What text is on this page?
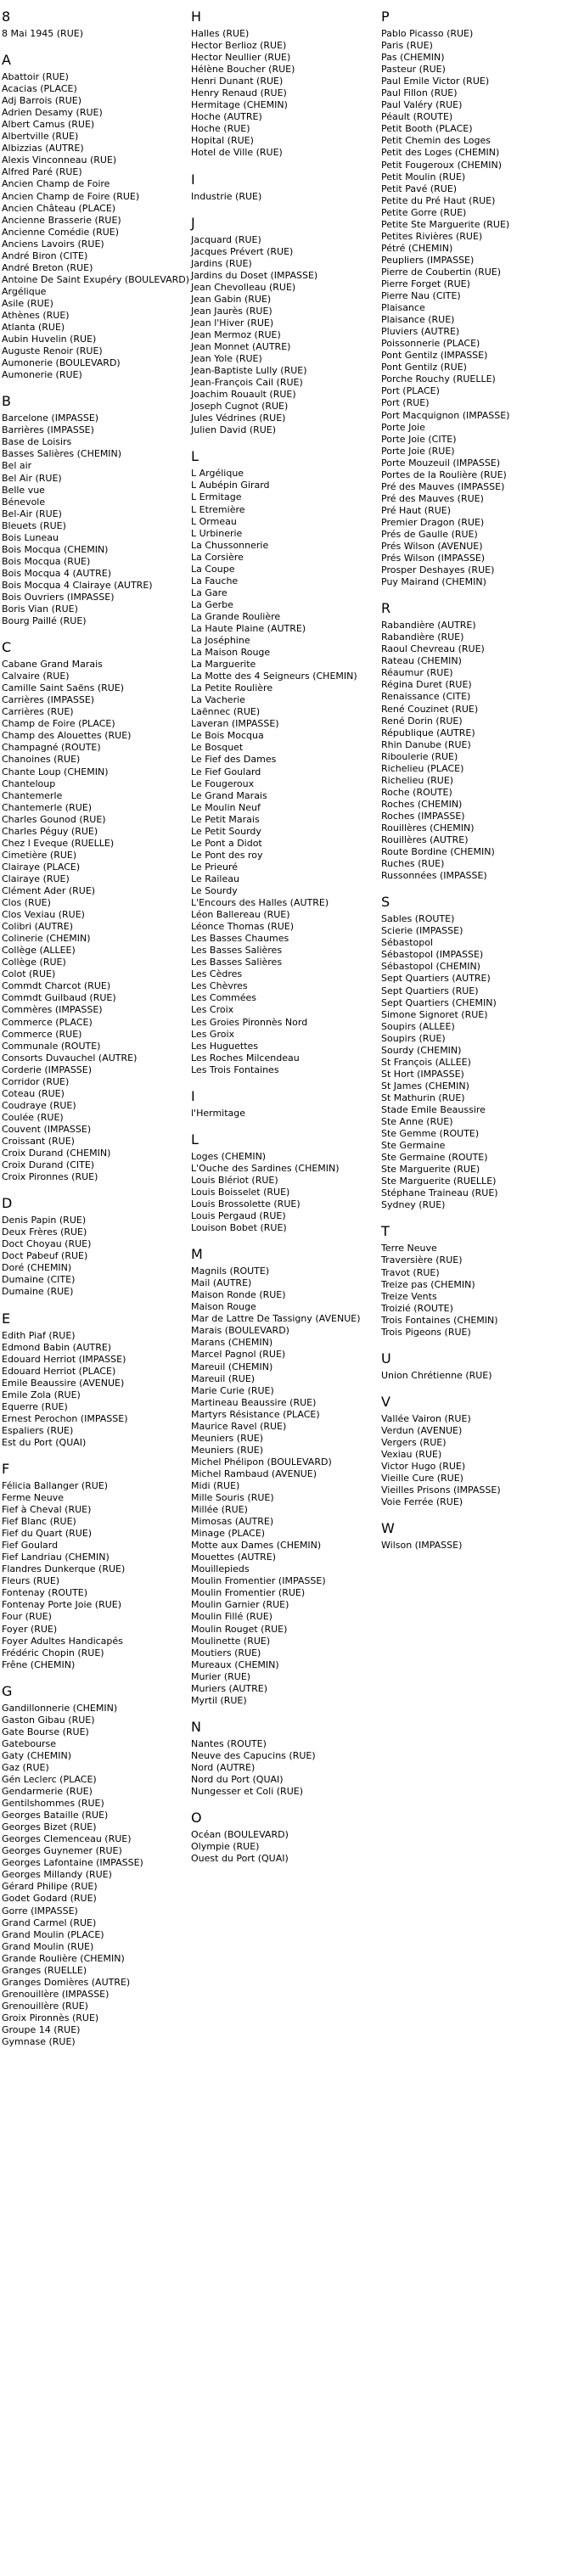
8
8 Mai 1945 (RUE)
A
Abattoir (RUE)
Acacias (PLACE)
Adj Barrois (RUE)
Adrien Desamy (RUE)
Albert Camus (RUE)
Albertville (RUE)
Albizzias (AUTRE)
Alexis Vinconneau (RUE)
Alfred Paré (RUE)
Ancien Champ de Foire
Ancien Champ de Foire (RUE)
Ancien Château (PLACE)
Ancienne Brasserie (RUE)
Ancienne Comédie (RUE)
Anciens Lavoirs (RUE)
André Biron (CITE)
André Breton (RUE)
Antoine De Saint Exupéry (BOULEVARD)
Argélique
Asile (RUE)
Athènes (RUE)
Atlanta (RUE)
Aubin Huvelin (RUE)
Auguste Renoir (RUE)
Aumonerie (BOULEVARD)
Aumonerie (RUE)
B
Barcelone (IMPASSE)
Barrières (IMPASSE)
Base de Loisirs
Basses Salières (CHEMIN)
Bel air
Bel Air (RUE)
Belle vue
Bénevole
Bel-Air (RUE)
Bleuets (RUE)
Bois Luneau
Bois Mocqua (CHEMIN)
Bois Mocqua (RUE)
Bois Mocqua 4 (AUTRE)
Bois Mocqua 4 Clairaye (AUTRE)
Bois Ouvriers (IMPASSE)
Boris Vian (RUE)
Bourg Paillé (RUE)
C
Cabane Grand Marais
Calvaire (RUE)
Camille Saint Saëns (RUE)
Carrières (IMPASSE)
Carrières (RUE)
Champ de Foire (PLACE)
Champ des Alouettes (RUE)
Champagné (ROUTE)
Chanoines (RUE)
Chante Loup (CHEMIN)
Chanteloup
Chantemerle
Chantemerle (RUE)
Charles Gounod (RUE)
Charles Péguy (RUE)
Chez l Eveque (RUELLE)
Cimetière (RUE)
Clairaye (PLACE)
Clairaye (RUE)
Clément Ader (RUE)
Clos (RUE)
Clos Vexiau (RUE)
Colibri (AUTRE)
Colinerie (CHEMIN)
Collège (ALLEE)
Collège (RUE)
Colot (RUE)
Commdt Charcot (RUE)
Commdt Guilbaud (RUE)
Commères (IMPASSE)
Commerce (PLACE)
Commerce (RUE)
Communale (ROUTE)
Consorts Duvauchel (AUTRE)
Corderie (IMPASSE)
Corridor (RUE)
Coteau (RUE)
Coudraye (RUE)
Coulée (RUE)
Couvent (IMPASSE)
Croissant (RUE)
Croix Durand (CHEMIN)
Croix Durand (CITE)
Croix Pironnes (RUE)
D
Denis Papin (RUE)
Deux Frères (RUE)
Doct Choyau (RUE)
Doct Pabeuf (RUE)
Doré (CHEMIN)
Dumaine (CITE)
Dumaine (RUE)
E
Edith Piaf (RUE)
Edmond Babin (AUTRE)
Edouard Herriot (IMPASSE)
Edouard Herriot (PLACE)
Emile Beaussire (AVENUE)
Emile Zola (RUE)
Equerre (RUE)
Ernest Perochon (IMPASSE)
Espaliers (RUE)
Est du Port (QUAI)
F
Félicia Ballanger (RUE)
Ferme Neuve
Fief à Cheval (RUE)
Fief Blanc (RUE)
Fief du Quart (RUE)
Fief Goulard
Fief Landriau (CHEMIN)
Flandres Dunkerque (RUE)
Fleurs (RUE)
Fontenay (ROUTE)
Fontenay Porte Joie (RUE)
Four (RUE)
Foyer (RUE)
Foyer Adultes Handicapés
Frédéric Chopin (RUE)
Frêne (CHEMIN)
G
Gandillonnerie (CHEMIN)
Gaston Gibau (RUE)
Gate Bourse (RUE)
Gatebourse
Gaty (CHEMIN)
Gaz (RUE)
Gén Leclerc (PLACE)
Gendarmerie (RUE)
Gentilshommes (RUE)
Georges Bataille (RUE)
Georges Bizet (RUE)
Georges Clemenceau (RUE)
Georges Guynemer (RUE)
Georges Lafontaine (IMPASSE)
Georges Millandy (RUE)
Gérard Philipe (RUE)
Godet Godard (RUE)
Gorre (IMPASSE)
Grand Carmel (RUE)
Grand Moulin (PLACE)
Grand Moulin (RUE)
Grande Roulière (CHEMIN)
Granges (RUELLE)
Granges Domières (AUTRE)
Grenouillère (IMPASSE)
Grenouillère (RUE)
Groix Pironnès (RUE)
Groupe 14 (RUE)
Gymnase (RUE)
H
Halles (RUE)
Hector Berlioz (RUE)
Hector Neullier (RUE)
Hélène Boucher (RUE)
Henri Dunant (RUE)
Henry Renaud (RUE)
Hermitage (CHEMIN)
Hoche (AUTRE)
Hoche (RUE)
Hopital (RUE)
Hotel de Ville (RUE)
I
Industrie (RUE)
J
Jacquard (RUE)
Jacques Prévert (RUE)
Jardins (RUE)
Jardins du Doset (IMPASSE)
Jean Chevolleau (RUE)
Jean Gabin (RUE)
Jean Jaurès (RUE)
Jean l'Hiver (RUE)
Jean Mermoz (RUE)
Jean Monnet (AUTRE)
Jean Yole (RUE)
Jean-Baptiste Lully (RUE)
Jean-François Cail (RUE)
Joachim Rouault (RUE)
Joseph Cugnot (RUE)
Jules Védrines (RUE)
Julien David (RUE)
L
L Argélique
L Aubépin Girard
L Ermitage
L Etremière
L Ormeau
L Urbinerie
La Chussonnerie
La Corsière
La Coupe
La Fauche
La Gare
La Gerbe
La Grande Roulière
La Haute Plaine (AUTRE)
La Joséphine
La Maison Rouge
La Marguerite
La Motte des 4 Seigneurs (CHEMIN)
La Petite Roulière
La Vacherie
Laënnec (RUE)
Laveran (IMPASSE)
Le Bois Mocqua
Le Bosquet
Le Fief des Dames
Le Fief Goulard
Le Fougeroux
Le Grand Marais
Le Moulin Neuf
Le Petit Marais
Le Petit Sourdy
Le Pont a Didot
Le Pont des roy
Le Prieuré
Le Raileau
Le Sourdy
L'Encours des Halles (AUTRE)
Léon Ballereau (RUE)
Léonce Thomas (RUE)
Les Basses Chaumes
Les Basses Salières
Les Basses Salières
Les Cèdres
Les Chèvres
Les Commées
Les Croix
Les Groies Pironnès Nord
Les Groix
Les Huguettes
Les Roches Milcendeau
Les Trois Fontaines
I
l'Hermitage
L
Loges (CHEMIN)
L'Ouche des Sardines (CHEMIN)
Louis Blériot (RUE)
Louis Boisselet (RUE)
Louis Brossolette (RUE)
Louis Pergaud (RUE)
Louison Bobet (RUE)
M
Magnils (ROUTE)
Mail (AUTRE)
Maison Ronde (RUE)
Maison Rouge
Mar de Lattre De Tassigny (AVENUE)
Marais (BOULEVARD)
Marans (CHEMIN)
Marcel Pagnol (RUE)
Mareuil (CHEMIN)
Mareuil (RUE)
Marie Curie (RUE)
Martineau Beaussire (RUE)
Martyrs Résistance (PLACE)
Maurice Ravel (RUE)
Meuniers (RUE)
Meuniers (RUE)
Michel Phélipon (BOULEVARD)
Michel Rambaud (AVENUE)
Midi (RUE)
Mille Souris (RUE)
Millée (RUE)
Mimosas (AUTRE)
Minage (PLACE)
Motte aux Dames (CHEMIN)
Mouettes (AUTRE)
Mouillepieds
Moulin Fromentier (IMPASSE)
Moulin Fromentier (RUE)
Moulin Garnier (RUE)
Moulin Fillé (RUE)
Moulin Rouget (RUE)
Moulinette (RUE)
Moutiers (RUE)
Mureaux (CHEMIN)
Murier (RUE)
Muriers (AUTRE)
Myrtil (RUE)
N
Nantes (ROUTE)
Neuve des Capucins (RUE)
Nord (AUTRE)
Nord du Port (QUAI)
Nungesser et Coli (RUE)
O
Océan (BOULEVARD)
Olympie (RUE)
Ouest du Port (QUAI)
P
Pablo Picasso (RUE)
Paris (RUE)
Pas (CHEMIN)
Pasteur (RUE)
Paul Emile Victor (RUE)
Paul Fillon (RUE)
Paul Valéry (RUE)
Péault (ROUTE)
Petit Booth (PLACE)
Petit Chemin des Loges
Petit des Loges (CHEMIN)
Petit Fougeroux (CHEMIN)
Petit Moulin (RUE)
Petit Pavé (RUE)
Petite du Pré Haut (RUE)
Petite Gorre (RUE)
Petite Ste Marguerite (RUE)
Petites Rivières (RUE)
Pétré (CHEMIN)
Peupliers (IMPASSE)
Pierre de Coubertin (RUE)
Pierre Forget (RUE)
Pierre Nau (CITE)
Plaisance
Plaisance (RUE)
Pluviers (AUTRE)
Poissonnerie (PLACE)
Pont Gentilz (IMPASSE)
Pont Gentilz (RUE)
Porche Rouchy (RUELLE)
Port (PLACE)
Port (RUE)
Port Macquignon (IMPASSE)
Porte Joie
Porte Joie (CITE)
Porte Joie (RUE)
Porte Mouzeuil (IMPASSE)
Portes de la Roulière (RUE)
Pré des Mauves (IMPASSE)
Pré des Mauves (RUE)
Pré Haut (RUE)
Premier Dragon (RUE)
Prés de Gaulle (RUE)
Prés Wilson (AVENUE)
Prés Wilson (IMPASSE)
Prosper Deshayes (RUE)
Puy Mairand (CHEMIN)
R
Rabandière (AUTRE)
Rabandière (RUE)
Raoul Chevreau (RUE)
Rateau (CHEMIN)
Réaumur (RUE)
Régina Duret (RUE)
Renaissance (CITE)
René Couzinet (RUE)
René Dorin (RUE)
République (AUTRE)
Rhin Danube (RUE)
Riboulerie (RUE)
Richelieu (PLACE)
Richelieu (RUE)
Roche (ROUTE)
Roches (CHEMIN)
Roches (IMPASSE)
Rouillères (CHEMIN)
Rouillères (AUTRE)
Route Bordine (CHEMIN)
Ruches (RUE)
Russonnées (IMPASSE)
S
Sables (ROUTE)
Scierie (IMPASSE)
Sébastopol
Sébastopol (IMPASSE)
Sébastopol (CHEMIN)
Sept Quartiers (AUTRE)
Sept Quartiers (RUE)
Sept Quartiers (CHEMIN)
Simone Signoret (RUE)
Soupirs (ALLEE)
Soupirs (RUE)
Sourdy (CHEMIN)
St François (ALLEE)
St Hort (IMPASSE)
St James (CHEMIN)
St Mathurin (RUE)
Stade Emile Beaussire
Ste Anne (RUE)
Ste Gemme (ROUTE)
Ste Germaine
Ste Germaine (ROUTE)
Ste Marguerite (RUE)
Ste Marguerite (RUELLE)
Stéphane Traineau (RUE)
Sydney (RUE)
T
Terre Neuve
Traversière (RUE)
Travot (RUE)
Treize pas (CHEMIN)
Treize Vents
Troizié (ROUTE)
Trois Fontaines (CHEMIN)
Trois Pigeons (RUE)
U
Union Chrétienne (RUE)
V
Vallée Vairon (RUE)
Verdun (AVENUE)
Vergers (RUE)
Vexiau (RUE)
Victor Hugo (RUE)
Vieille Cure (RUE)
Vieilles Prisons (IMPASSE)
Voie Ferrée (RUE)
W
Wilson (IMPASSE)
